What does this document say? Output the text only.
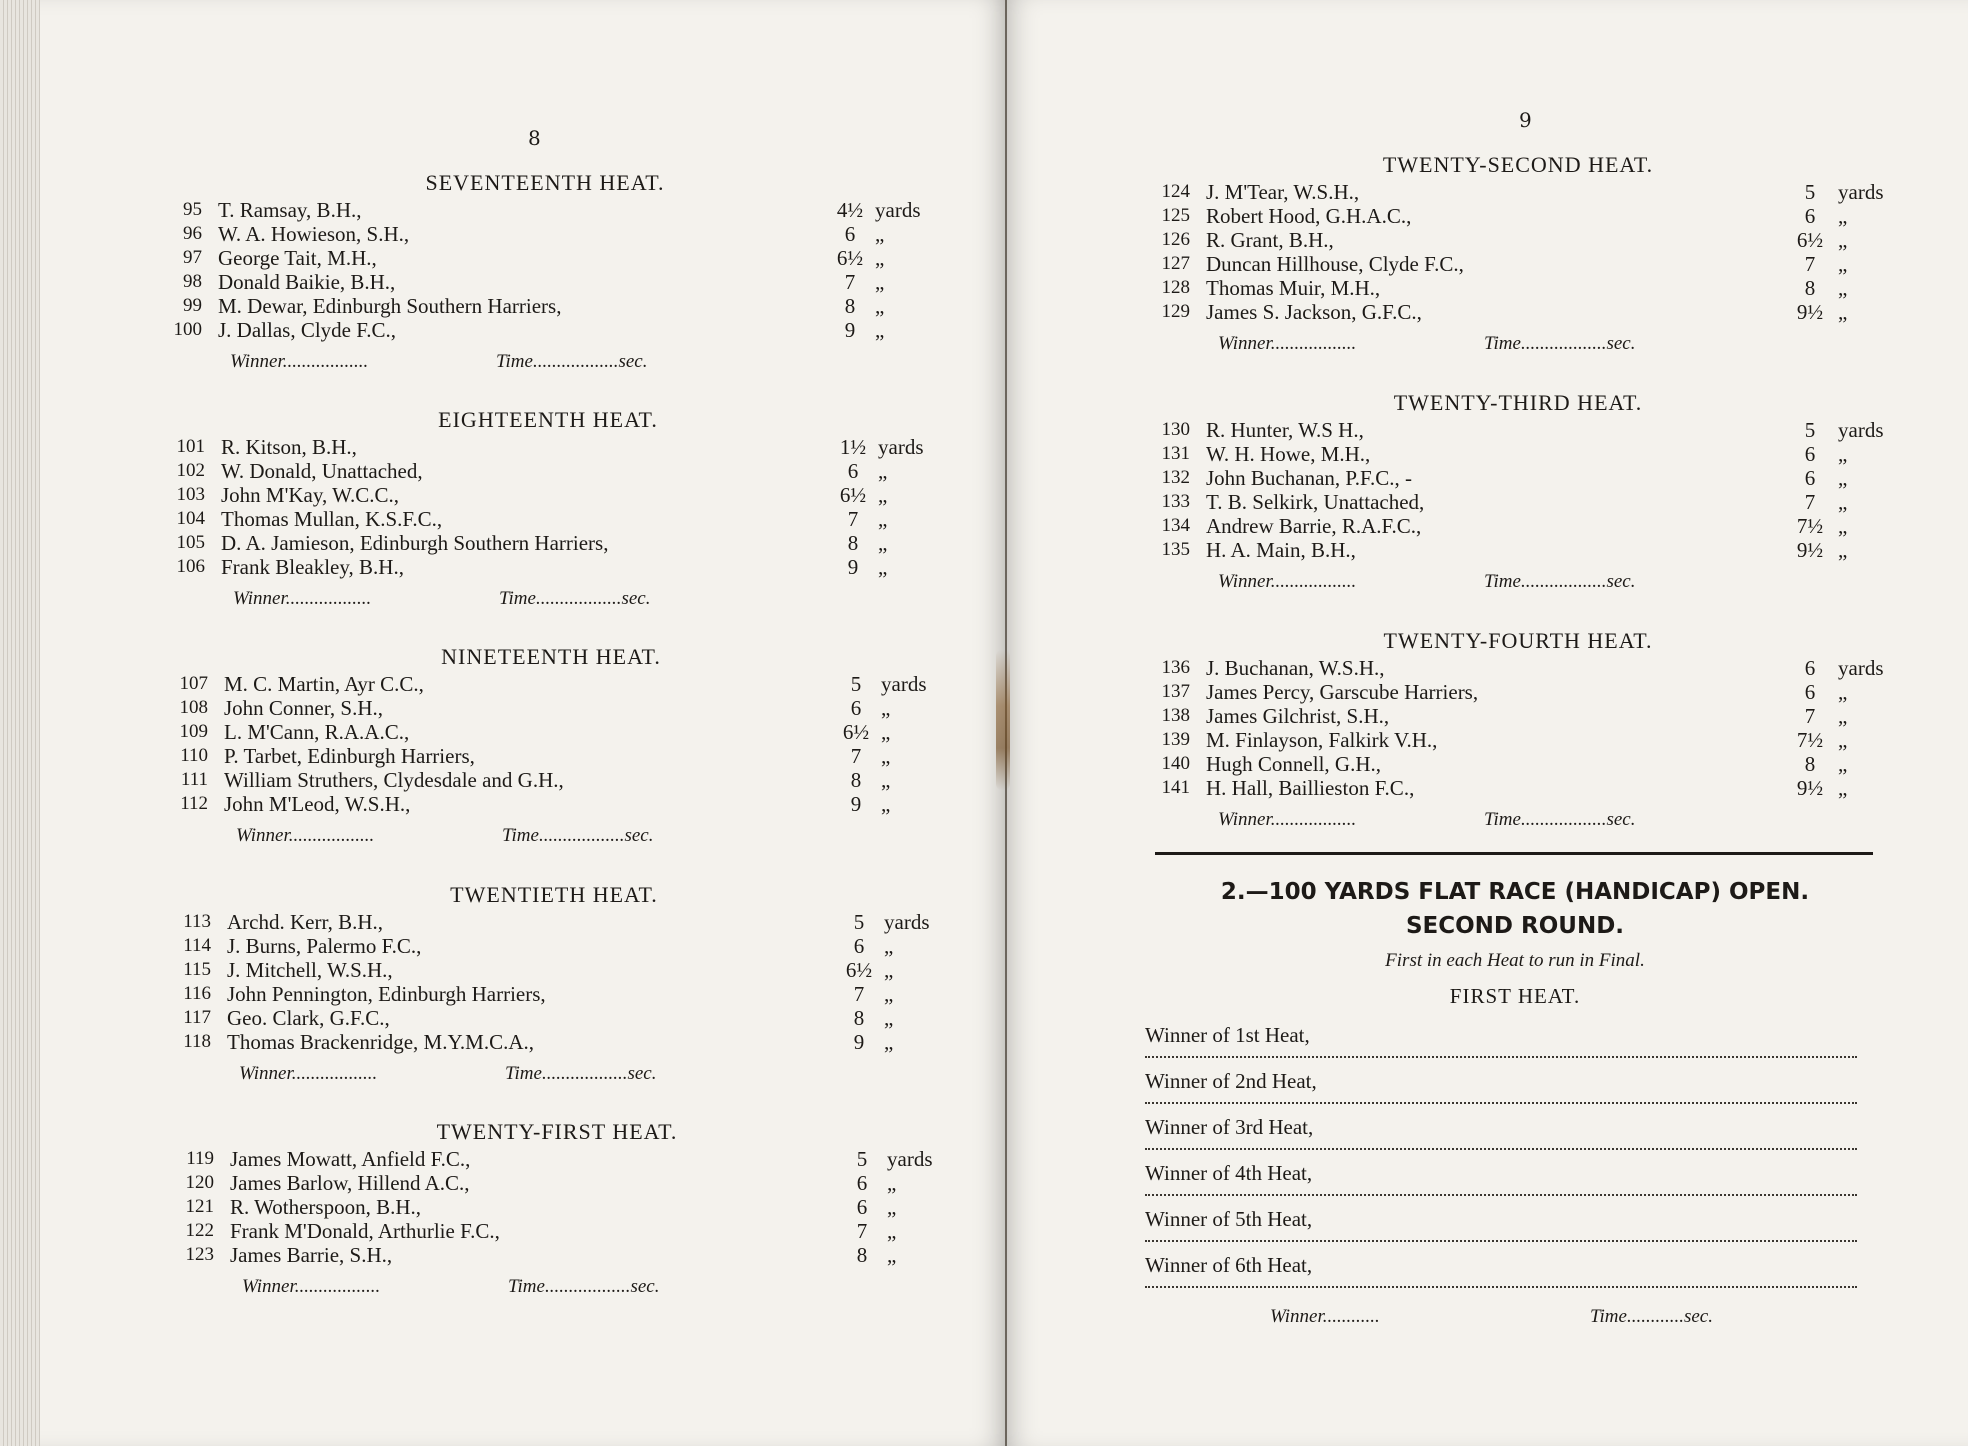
8
SEVENTEENTH HEAT.
95 T. Ramsay, B.H.,	4½ yards
96 W. A. Howieson, S.H.,	6 „
97 George Tait, M.H.,	6½ „
98 Donald Baikie, B.H.,	7 „
99 M. Dewar, Edinburgh Southern Harriers,	8 „
100 J. Dallas, Clyde F.C.,	9 „
Winner..................	Time..................sec.
EIGHTEENTH HEAT.
101 R. Kitson, B.H.,	1½ yards
102 W. Donald, Unattached,	6 „
103 John M'Kay, W.C.C.,	6½ „
104 Thomas Mullan, K.S.F.C.,	7 „
105 D. A. Jamieson, Edinburgh Southern Harriers,	8 „
106 Frank Bleakley, B.H.,	9 „
Winner..................	Time..................sec.
NINETEENTH HEAT.
107 M. C. Martin, Ayr C.C.,	5 yards
108 John Conner, S.H.,	6 „
109 L. M'Cann, R.A.A.C.,	6½ „
110 P. Tarbet, Edinburgh Harriers,	7 „
111 William Struthers, Clydesdale and G.H.,	8 „
112 John M'Leod, W.S.H.,	9 „
Winner..................	Time..................sec.
TWENTIETH HEAT.
113 Archd. Kerr, B.H.,	5 yards
114 J. Burns, Palermo F.C.,	6 „
115 J. Mitchell, W.S.H.,	6½ „
116 John Pennington, Edinburgh Harriers,	7 „
117 Geo. Clark, G.F.C.,	8 „
118 Thomas Brackenridge, M.Y.M.C.A.,	9 „
Winner..................	Time..................sec.
TWENTY-FIRST HEAT.
119 James Mowatt, Anfield F.C.,	5 yards
120 James Barlow, Hillend A.C.,	6 „
121 R. Wotherspoon, B.H.,	6 „
122 Frank M'Donald, Arthurlie F.C.,	7 „
123 James Barrie, S.H.,	8 „
Winner..................	Time..................sec.
9
TWENTY-SECOND HEAT.
124 J. M'Tear, W.S.H.,	5	yards
125 Robert Hood, G.H.A.C.,	6	„
126 R. Grant, B.H.,	6½ „
127 Duncan Hillhouse, Clyde F.C.,	7	„
128 Thomas Muir, M.H.,	8	„
129 James S. Jackson, G.F.C.,	9½ „
Winner..................	Time..................sec.
TWENTY-THIRD HEAT.
130 R. Hunter, W.S H.,	5	yards
131 W. H. Howe, M.H.,	6	„
132 John Buchanan, P.F.C., -	6	„
133 T. B. Selkirk, Unattached,	7	„
134 Andrew Barrie, R.A.F.C.,	7½ „
135 H. A. Main, B.H.,	9½ „
Winner..................	Time..................sec.
TWENTY-FOURTH HEAT.
136 J. Buchanan, W.S.H.,	6	yards
137 James Percy, Garscube Harriers,	6	„
138 James Gilchrist, S.H.,	7	„
139 M. Finlayson, Falkirk V.H.,	7½ „
140 Hugh Connell, G.H.,	8	„
141 H. Hall, Baillieston F.C.,	9½ „
Winner..................	Time..................sec.
2.—100 YARDS FLAT RACE (HANDICAP) OPEN.
SECOND ROUND.
First in each Heat to run in Final.
FIRST HEAT.
Winner of 1st Heat,
Winner of 2nd Heat,
Winner of 3rd Heat,
Winner of 4th Heat,
Winner of 5th Heat,
Winner of 6th Heat,
Winner............	Time............sec.
